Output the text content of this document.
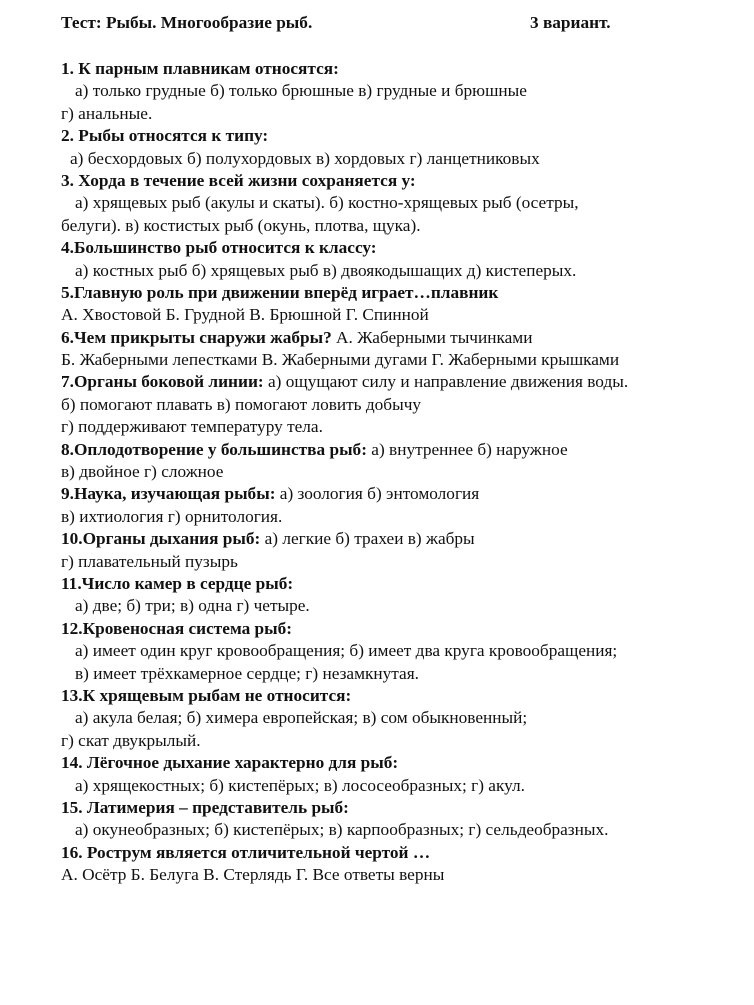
Тест: Рыбы. Многообразие рыб.	3 вариант.
1. К парным плавникам относятся:
а) только грудные б) только брюшные в) грудные и брюшные
г) анальные.
2. Рыбы относятся к типу:
а) бесхордовых б) полухордовых в) хордовых г) ланцетниковых
3. Хорда в течение всей жизни сохраняется у:
а) хрящевых рыб (акулы и скаты). б) костно-хрящевых рыб (осетры,
белуги). в) костистых рыб (окунь, плотва, щука).
4.Большинство рыб относится к классу:
а) костных рыб б) хрящевых рыб в) двоякодышащих д) кистеперых.
5.Главную роль при движении вперёд играет…плавник
А. Хвостовой Б. Грудной В. Брюшной Г. Спинной
6.Чем прикрыты снаружи жабры? А. Жаберными тычинками
Б. Жаберными лепестками В. Жаберными дугами Г. Жаберными крышками
7.Органы боковой линии: а) ощущают силу и направление движения воды.
б) помогают плавать в) помогают ловить добычу
г) поддерживают температуру тела.
8.Оплодотворение у большинства рыб: а) внутреннее б) наружное
в) двойное г) сложное
9.Наука, изучающая рыбы: а) зоология б) энтомология
в) ихтиология г) орнитология.
10.Органы дыхания рыб: а) легкие б) трахеи в) жабры
г) плавательный пузырь
11.Число камер в сердце рыб:
а) две; б) три; в) одна г) четыре.
12.Кровеносная система рыб:
а) имеет один круг кровообращения; б) имеет два круга кровообращения;
в) имеет трёхкамерное сердце; г) незамкнутая.
13.К хрящевым рыбам не относится:
а) акула белая; б) химера европейская; в) сом обыкновенный;
г) скат двукрылый.
14. Лёгочное дыхание характерно для рыб:
а) хрящекостных; б) кистепёрых; в) лососеобразных; г) акул.
15. Латимерия – представитель рыб:
а) окунеобразных; б) кистепёрых; в) карпообразных; г) сельдеобразных.
16. Рострум является отличительной чертой …
А. Осётр Б. Белуга В. Стерлядь Г. Все ответы верны
